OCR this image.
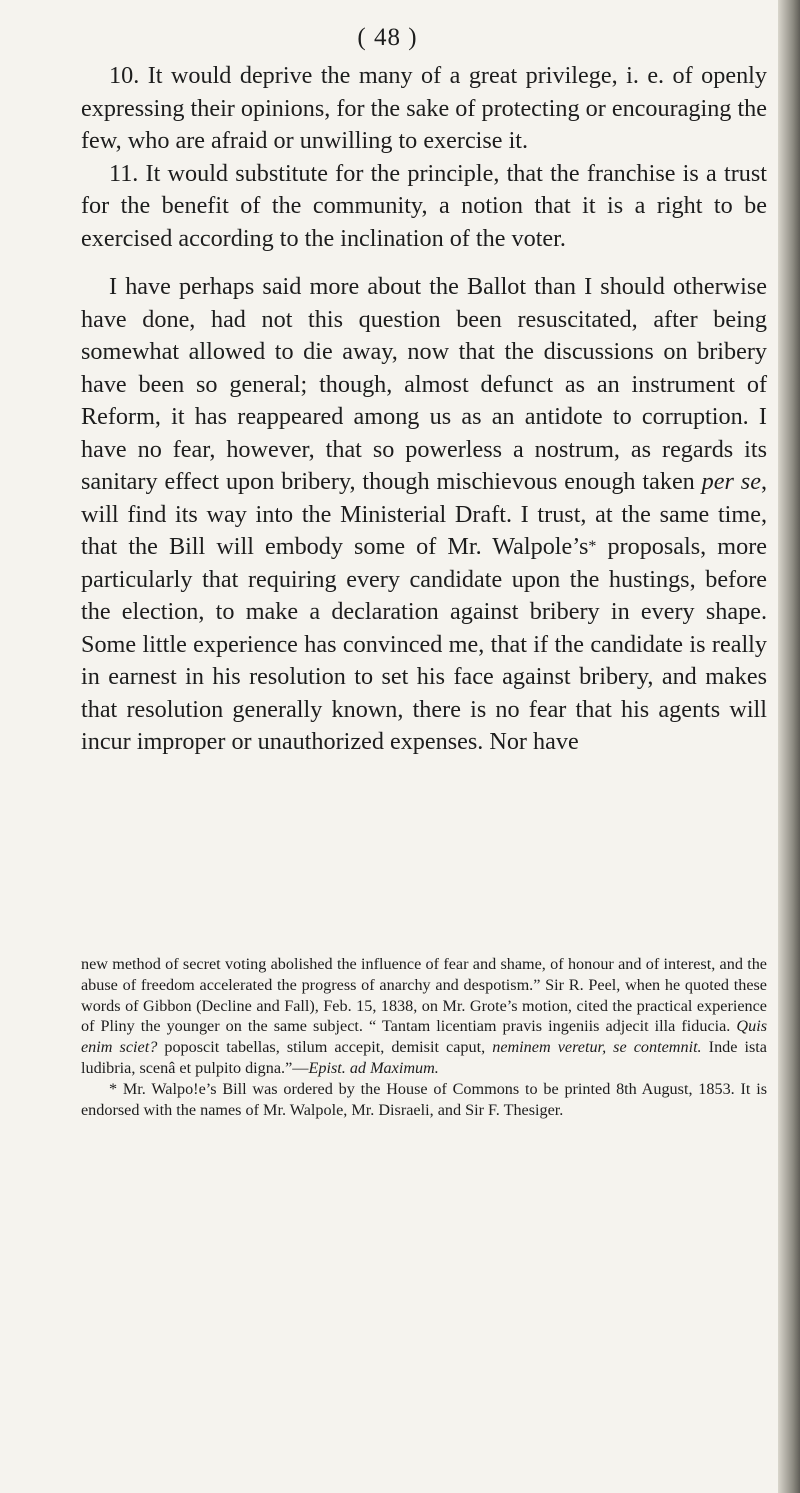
( 48 )

10. It would deprive the many of a great privilege, i. e. of openly expressing their opinions, for the sake of protecting or encouraging the few, who are afraid or unwilling to exercise it.

11. It would substitute for the principle, that the franchise is a trust for the benefit of the community, a notion that it is a right to be exercised according to the inclination of the voter.

I have perhaps said more about the Ballot than I should otherwise have done, had not this question been resuscitated, after being somewhat allowed to die away, now that the discussions on bribery have been so general; though, almost defunct as an instrument of Reform, it has reappeared among us as an antidote to corruption. I have no fear, however, that so powerless a nostrum, as regards its sanitary effect upon bribery, though mischievous enough taken per se, will find its way into the Ministerial Draft. I trust, at the same time, that the Bill will embody some of Mr. Walpole’s* proposals, more particularly that requiring every candidate upon the hustings, before the election, to make a declaration against bribery in every shape. Some little experience has convinced me, that if the candidate is really in earnest in his resolution to set his face against bribery, and makes that resolution generally known, there is no fear that his agents will incur improper or unauthorized expenses. Nor have

new method of secret voting abolished the influence of fear and shame, of honour and of interest, and the abuse of freedom accelerated the progress of anarchy and despotism.” Sir R. Peel, when he quoted these words of Gibbon (Decline and Fall), Feb. 15, 1838, on Mr. Grote’s motion, cited the practical experience of Pliny the younger on the same subject. “ Tantam licentiam pravis ingeniis adjecit illa fiducia. Quis enim sciet? poposcit tabellas, stilum accepit, demisit caput, neminem veretur, se contemnit. Inde ista ludibria, scenâ et pulpito digna.”—Epist. ad Maximum.

* Mr. Walpo!e’s Bill was ordered by the House of Commons to be printed 8th August, 1853. It is endorsed with the names of Mr. Walpole, Mr. Disraeli, and Sir F. Thesiger.
